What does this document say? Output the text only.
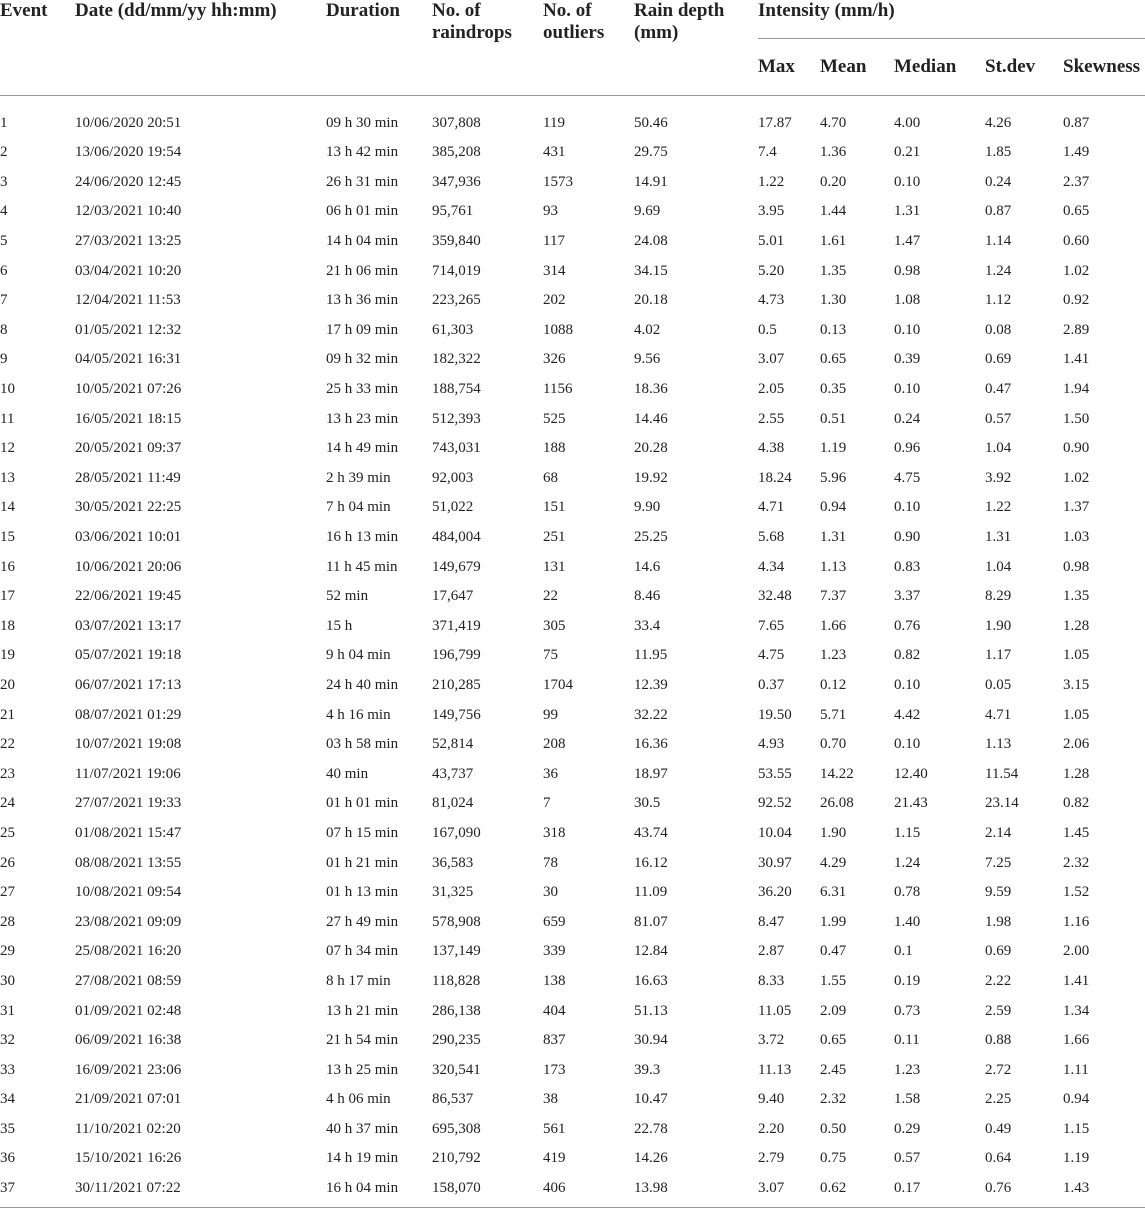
Event	Date (dd/mm/yy hh:mm)	Duration	No. of raindrops	No. of outliers	Rain depth (mm)	Intensity (mm/h)				
						Max	Mean	Median	St.dev	Skewness
1	10/06/2020 20:51	09 h 30 min	307,808	119	50.46	17.87	4.70	4.00	4.26	0.87
2	13/06/2020 19:54	13 h 42 min	385,208	431	29.75	7.4	1.36	0.21	1.85	1.49
3	24/06/2020 12:45	26 h 31 min	347,936	1573	14.91	1.22	0.20	0.10	0.24	2.37
4	12/03/2021 10:40	06 h 01 min	95,761	93	9.69	3.95	1.44	1.31	0.87	0.65
5	27/03/2021 13:25	14 h 04 min	359,840	117	24.08	5.01	1.61	1.47	1.14	0.60
6	03/04/2021 10:20	21 h 06 min	714,019	314	34.15	5.20	1.35	0.98	1.24	1.02
7	12/04/2021 11:53	13 h 36 min	223,265	202	20.18	4.73	1.30	1.08	1.12	0.92
8	01/05/2021 12:32	17 h 09 min	61,303	1088	4.02	0.5	0.13	0.10	0.08	2.89
9	04/05/2021 16:31	09 h 32 min	182,322	326	9.56	3.07	0.65	0.39	0.69	1.41
10	10/05/2021 07:26	25 h 33 min	188,754	1156	18.36	2.05	0.35	0.10	0.47	1.94
11	16/05/2021 18:15	13 h 23 min	512,393	525	14.46	2.55	0.51	0.24	0.57	1.50
12	20/05/2021 09:37	14 h 49 min	743,031	188	20.28	4.38	1.19	0.96	1.04	0.90
13	28/05/2021 11:49	2 h 39 min	92,003	68	19.92	18.24	5.96	4.75	3.92	1.02
14	30/05/2021 22:25	7 h 04 min	51,022	151	9.90	4.71	0.94	0.10	1.22	1.37
15	03/06/2021 10:01	16 h 13 min	484,004	251	25.25	5.68	1.31	0.90	1.31	1.03
16	10/06/2021 20:06	11 h 45 min	149,679	131	14.6	4.34	1.13	0.83	1.04	0.98
17	22/06/2021 19:45	52 min	17,647	22	8.46	32.48	7.37	3.37	8.29	1.35
18	03/07/2021 13:17	15 h	371,419	305	33.4	7.65	1.66	0.76	1.90	1.28
19	05/07/2021 19:18	9 h 04 min	196,799	75	11.95	4.75	1.23	0.82	1.17	1.05
20	06/07/2021 17:13	24 h 40 min	210,285	1704	12.39	0.37	0.12	0.10	0.05	3.15
21	08/07/2021 01:29	4 h 16 min	149,756	99	32.22	19.50	5.71	4.42	4.71	1.05
22	10/07/2021 19:08	03 h 58 min	52,814	208	16.36	4.93	0.70	0.10	1.13	2.06
23	11/07/2021 19:06	40 min	43,737	36	18.97	53.55	14.22	12.40	11.54	1.28
24	27/07/2021 19:33	01 h 01 min	81,024	7	30.5	92.52	26.08	21.43	23.14	0.82
25	01/08/2021 15:47	07 h 15 min	167,090	318	43.74	10.04	1.90	1.15	2.14	1.45
26	08/08/2021 13:55	01 h 21 min	36,583	78	16.12	30.97	4.29	1.24	7.25	2.32
27	10/08/2021 09:54	01 h 13 min	31,325	30	11.09	36.20	6.31	0.78	9.59	1.52
28	23/08/2021 09:09	27 h 49 min	578,908	659	81.07	8.47	1.99	1.40	1.98	1.16
29	25/08/2021 16:20	07 h 34 min	137,149	339	12.84	2.87	0.47	0.1	0.69	2.00
30	27/08/2021 08:59	8 h 17 min	118,828	138	16.63	8.33	1.55	0.19	2.22	1.41
31	01/09/2021 02:48	13 h 21 min	286,138	404	51.13	11.05	2.09	0.73	2.59	1.34
32	06/09/2021 16:38	21 h 54 min	290,235	837	30.94	3.72	0.65	0.11	0.88	1.66
33	16/09/2021 23:06	13 h 25 min	320,541	173	39.3	11.13	2.45	1.23	2.72	1.11
34	21/09/2021 07:01	4 h 06 min	86,537	38	10.47	9.40	2.32	1.58	2.25	0.94
35	11/10/2021 02:20	40 h 37 min	695,308	561	22.78	2.20	0.50	0.29	0.49	1.15
36	15/10/2021 16:26	14 h 19 min	210,792	419	14.26	2.79	0.75	0.57	0.64	1.19
37	30/11/2021 07:22	16 h 04 min	158,070	406	13.98	3.07	0.62	0.17	0.76	1.43
